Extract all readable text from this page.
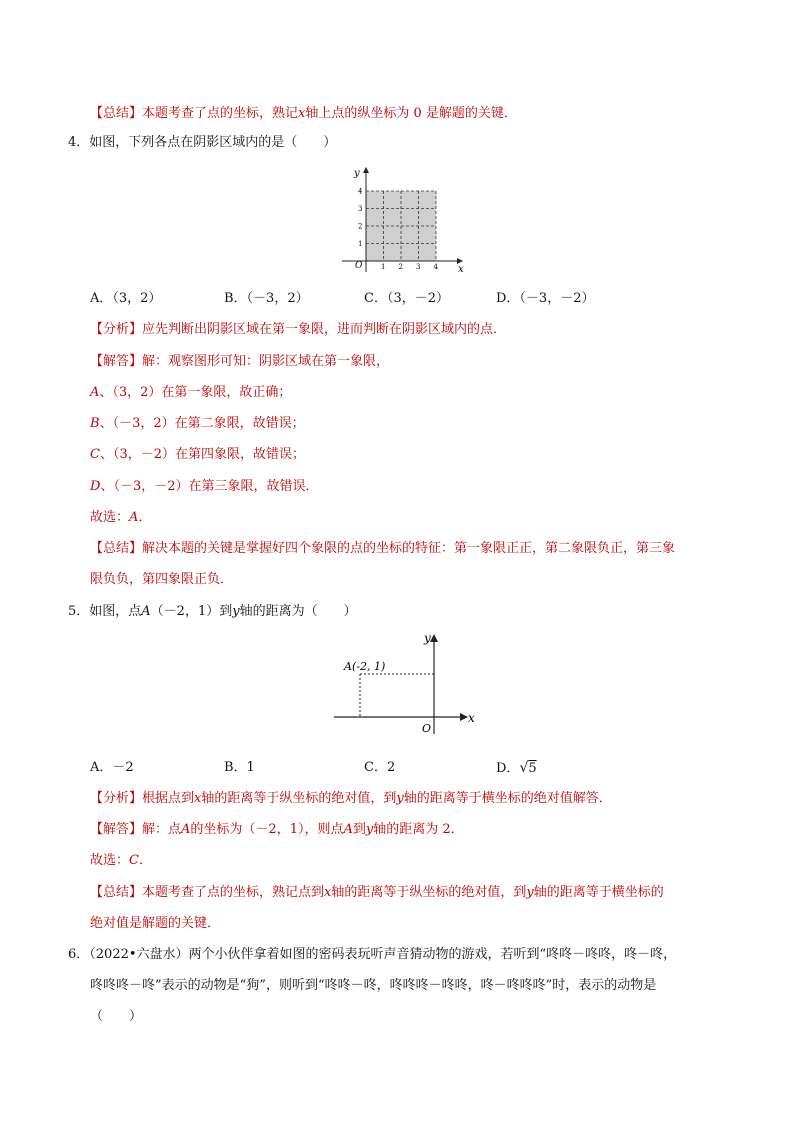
【总结】本题考查了点的坐标，熟记x轴上点的纵坐标为 0 是解题的关键．
4．如图，下列各点在阴影区域内的是（　　）
y
x
O	1 2 3 4
1
2
3
4
A．（3，2）	B．（－3，2）	C．（3，－2）	D．（－3，－2）
【分析】应先判断出阴影区域在第一象限，进而判断在阴影区域内的点．
【解答】解：观察图形可知：阴影区域在第一象限，
A、（3，2）在第一象限，故正确；
B、（－3，2）在第二象限，故错误；
C、（3，－2）在第四象限，故错误；
D、（－3，－2）在第三象限，故错误．
故选：A．
【总结】解决本题的关键是掌握好四个象限的点的坐标的特征：第一象限正正，第二象限负正，第三象
限负负，第四象限正负．
5．如图，点A（－2，1）到y轴的距离为（　　）
A(-2, 1)
y
x
O
A．－2	B．1	C．2	D．√5
【分析】根据点到x轴的距离等于纵坐标的绝对值，到y轴的距离等于横坐标的绝对值解答．
【解答】解：点A的坐标为（－2，1），则点A到y轴的距离为 2．
故选：C．
【总结】本题考查了点的坐标，熟记点到x轴的距离等于纵坐标的绝对值，到y轴的距离等于横坐标的
绝对值是解题的关键．
6．（2022•六盘水）两个小伙伴拿着如图的密码表玩听声音猜动物的游戏，若听到“咚咚－咚咚，咚－咚，
咚咚咚－咚”表示的动物是“狗”，则听到“咚咚－咚，咚咚咚－咚咚，咚－咚咚咚”时，表示的动物是
（　　）
